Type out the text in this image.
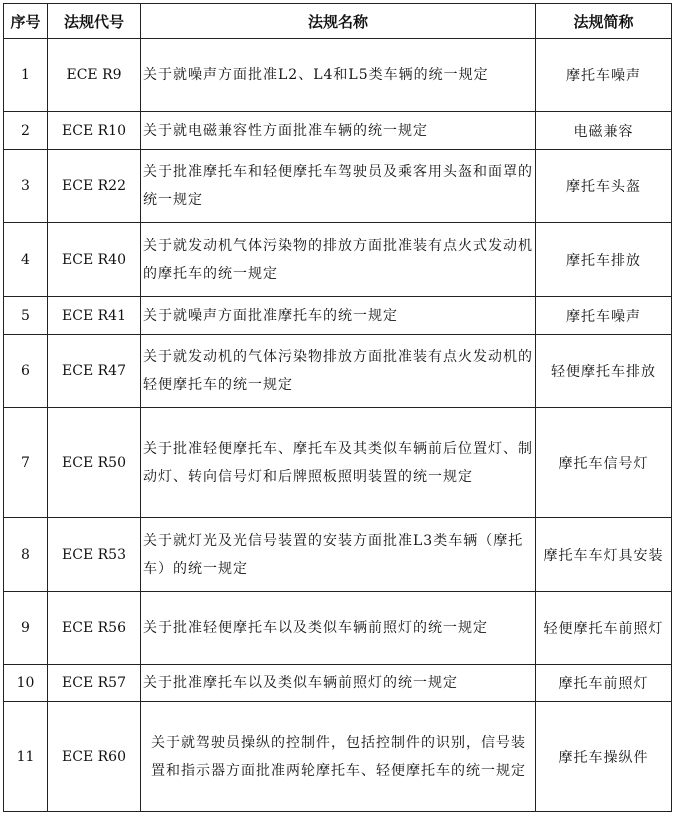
序号	法规代号	法规名称	法规简称
1	ECE R9	关于就噪声方面批准L2、L4和L5类车辆的统一规定	摩托车噪声
2	ECE R10	关于就电磁兼容性方面批准车辆的统一规定	电磁兼容
3	ECE R22	关于批准摩托车和轻便摩托车驾驶员及乘客用头盔和面罩的统一规定	摩托车头盔
4	ECE R40	关于就发动机气体污染物的排放方面批准装有点火式发动机的摩托车的统一规定	摩托车排放
5	ECE R41	关于就噪声方面批准摩托车的统一规定	摩托车噪声
6	ECE R47	关于就发动机的气体污染物排放方面批准装有点火发动机的轻便摩托车的统一规定	轻便摩托车排放
7	ECE R50	关于批准轻便摩托车、摩托车及其类似车辆前后位置灯、制动灯、转向信号灯和后牌照板照明装置的统一规定	摩托车信号灯
8	ECE R53	关于就灯光及光信号装置的安装方面批准L3类车辆（摩托车）的统一规定	摩托车车灯具安装
9	ECE R56	关于批准轻便摩托车以及类似车辆前照灯的统一规定	轻便摩托车前照灯
10	ECE R57	关于批准摩托车以及类似车辆前照灯的统一规定	摩托车前照灯
11	ECE R60	关于就驾驶员操纵的控制件，包括控制件的识别，信号装置和指示器方面批准两轮摩托车、轻便摩托车的统一规定	摩托车操纵件
